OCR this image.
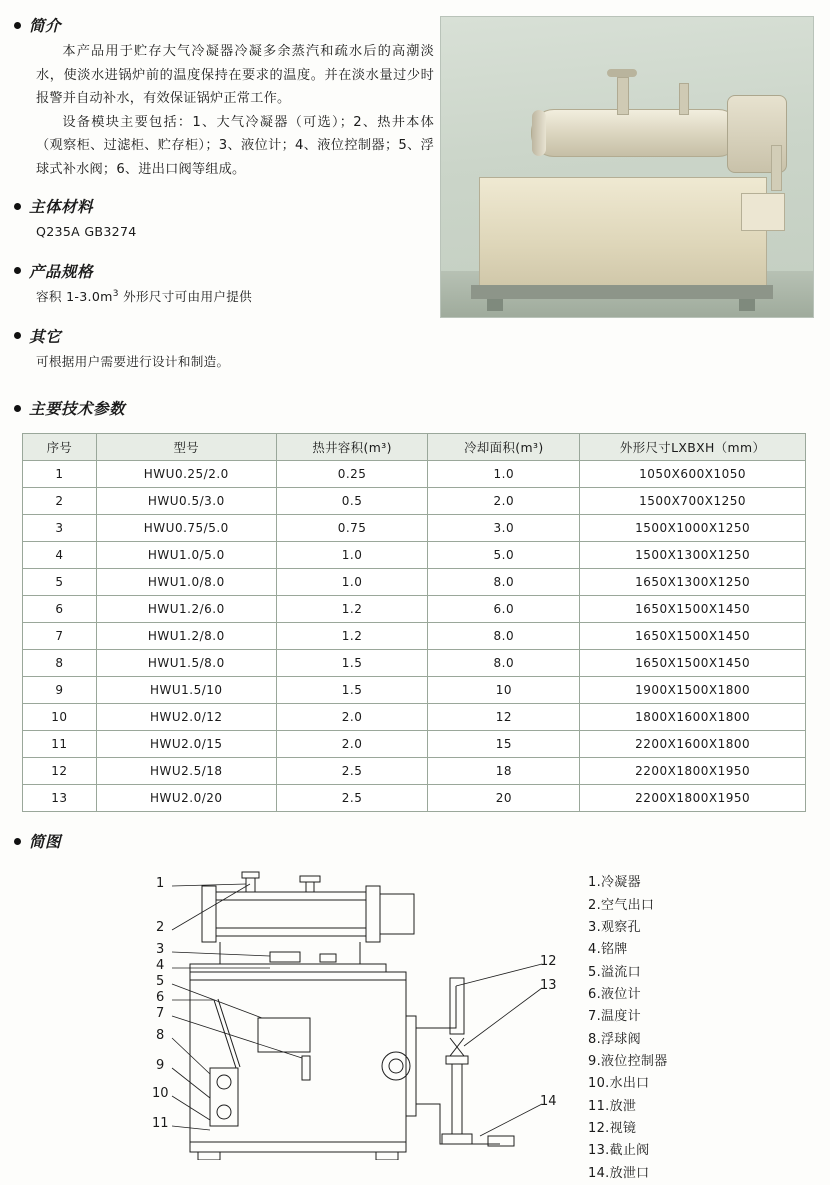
简介
本产品用于贮存大气冷凝器冷凝多余蒸汽和疏水后的高潮淡水，使淡水进锅炉前的温度保持在要求的温度。并在淡水量过少时报警并自动补水，有效保证锅炉正常工作。
设备模块主要包括：1、大气冷凝器（可选）；2、热井本体（观察柜、过滤柜、贮存柜）；3、液位计；4、液位控制器；5、浮球式补水阀；6、进出口阀等组成。
主体材料
Q235A GB3274
产品规格
容积 $1-3.0m^3$ 外形尺寸可由用户提供
其它
可根据用户需要进行设计和制造。
主要技术参数
序号	型号	热井容积(m³)	冷却面积(m³)	外形尺寸LXBXH（mm）
1	HWU0.25/2.0	0.25	1.0	1050X600X1050
2	HWU0.5/3.0	0.5	2.0	1500X700X1250
3	HWU0.75/5.0	0.75	3.0	1500X1000X1250
4	HWU1.0/5.0	1.0	5.0	1500X1300X1250
5	HWU1.0/8.0	1.0	8.0	1650X1300X1250
6	HWU1.2/6.0	1.2	6.0	1650X1500X1450
7	HWU1.2/8.0	1.2	8.0	1650X1500X1450
8	HWU1.5/8.0	1.5	8.0	1650X1500X1450
9	HWU1.5/10	1.5	10	1900X1500X1800
10	HWU2.0/12	2.0	12	1800X1600X1800
11	HWU2.0/15	2.0	15	2200X1600X1800
12	HWU2.5/18	2.5	18	2200X1800X1950
13	HWU2.0/20	2.5	20	2200X1800X1950
简图
1.冷凝器
2.空气出口
3.观察孔
4.铭牌
5.溢流口
6.液位计
7.温度计
8.浮球阀
9.液位控制器
10.水出口
11.放泄
12.视镜
13.截止阀
14.放泄口
1
2
3
4
5
6
7
8
9
10
11
12
13
14
